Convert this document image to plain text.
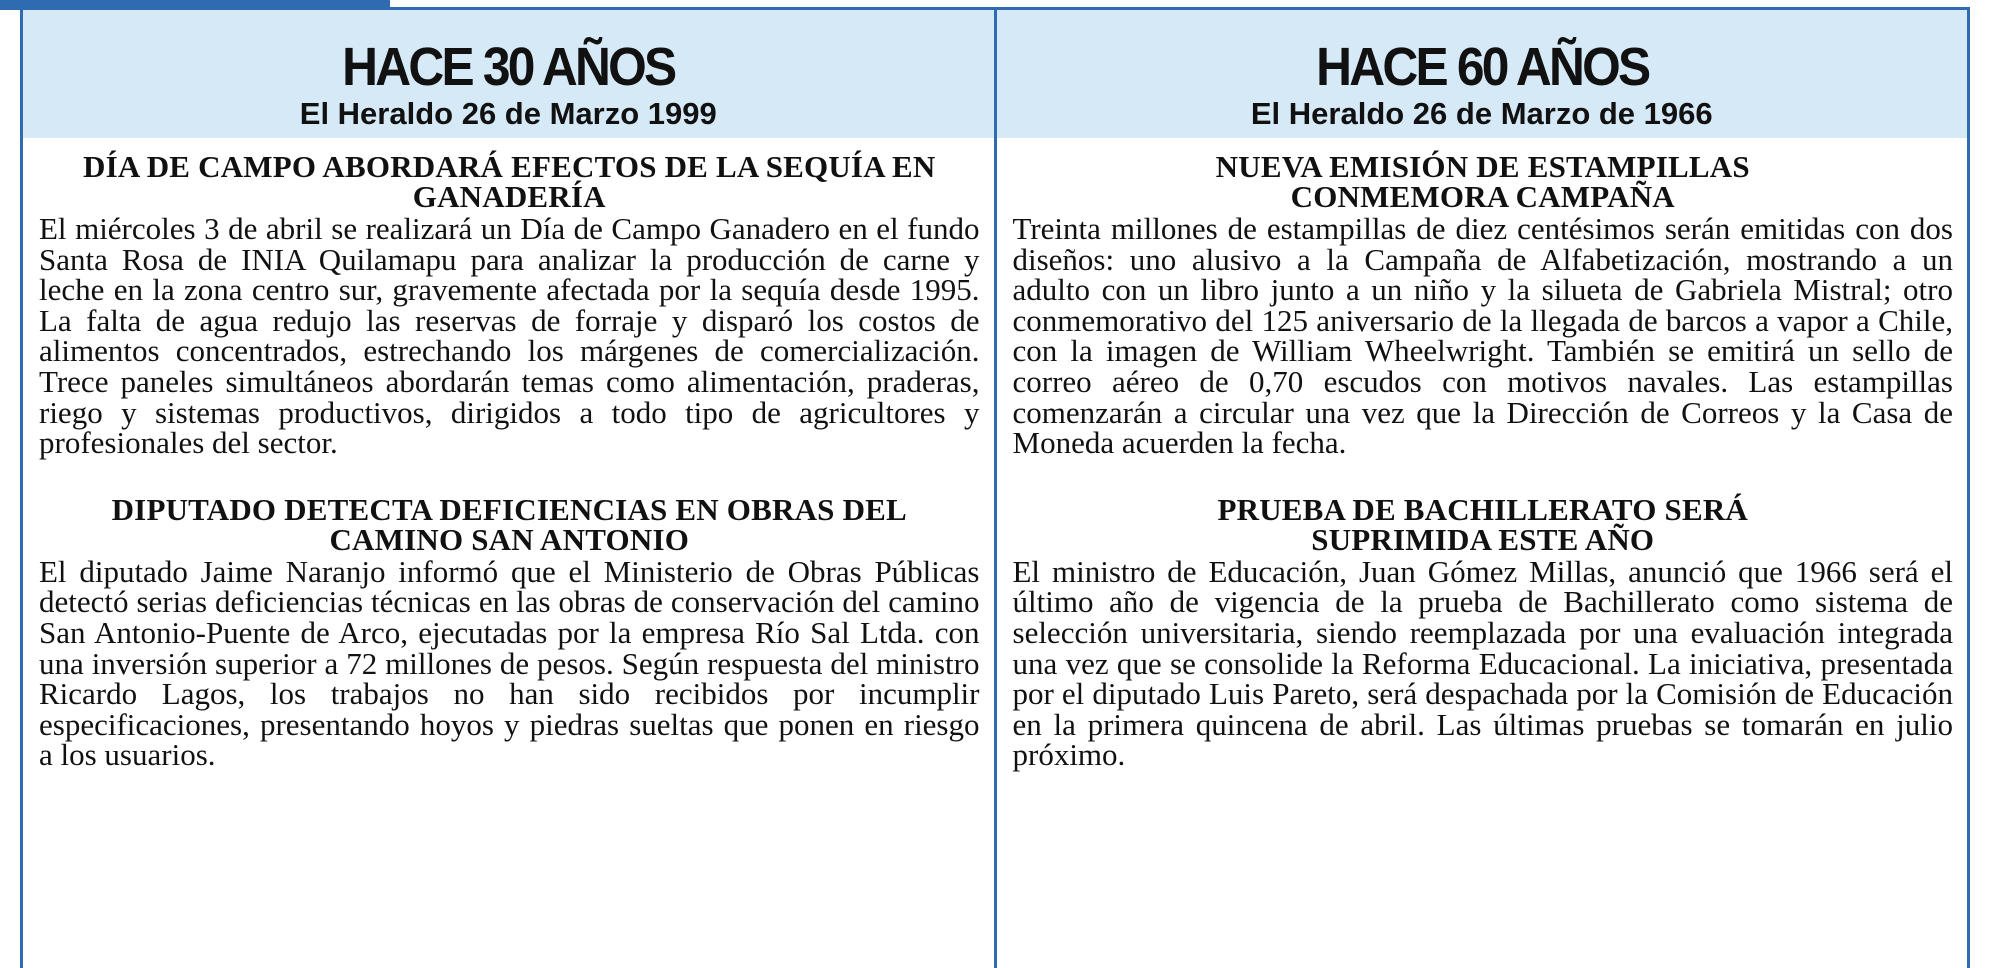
HACE 30 AÑOS
El Heraldo 26 de Marzo 1999
DÍA DE CAMPO ABORDARÁ EFECTOS DE LA SEQUÍA EN GANADERÍA
El miércoles 3 de abril se realizará un Día de Campo Ganadero en el fundo Santa Rosa de INIA Quilamapu para analizar la producción de carne y leche en la zona centro sur, gravemente afectada por la sequía desde 1995. La falta de agua redujo las reservas de forraje y disparó los costos de alimentos concentrados, estrechando los márgenes de comercialización. Trece paneles simultáneos abordarán temas como alimentación, praderas, riego y sistemas productivos, dirigidos a todo tipo de agricultores y profesionales del sector.
DIPUTADO DETECTA DEFICIENCIAS EN OBRAS DEL CAMINO SAN ANTONIO
El diputado Jaime Naranjo informó que el Ministerio de Obras Públicas detectó serias deficiencias técnicas en las obras de conservación del camino San Antonio-Puente de Arco, ejecutadas por la empresa Río Sal Ltda. con una inversión superior a 72 millones de pesos. Según respuesta del ministro Ricardo Lagos, los trabajos no han sido recibidos por incumplir especificaciones, presentando hoyos y piedras sueltas que ponen en riesgo a los usuarios.
HACE 60 AÑOS
El Heraldo 26 de Marzo de 1966
NUEVA EMISIÓN DE ESTAMPILLAS CONMEMORA CAMPAÑA
Treinta millones de estampillas de diez centésimos serán emitidas con dos diseños: uno alusivo a la Campaña de Alfabetización, mostrando a un adulto con un libro junto a un niño y la silueta de Gabriela Mistral; otro conmemorativo del 125 aniversario de la llegada de barcos a vapor a Chile, con la imagen de William Wheelwright. También se emitirá un sello de correo aéreo de 0,70 escudos con motivos navales. Las estampillas comenzarán a circular una vez que la Dirección de Correos y la Casa de Moneda acuerden la fecha.
PRUEBA DE BACHILLERATO SERÁ SUPRIMIDA ESTE AÑO
El ministro de Educación, Juan Gómez Millas, anunció que 1966 será el último año de vigencia de la prueba de Bachillerato como sistema de selección universitaria, siendo reemplazada por una evaluación integrada una vez que se consolide la Reforma Educacional. La iniciativa, presentada por el diputado Luis Pareto, será despachada por la Comisión de Educación en la primera quincena de abril. Las últimas pruebas se tomarán en julio próximo.
